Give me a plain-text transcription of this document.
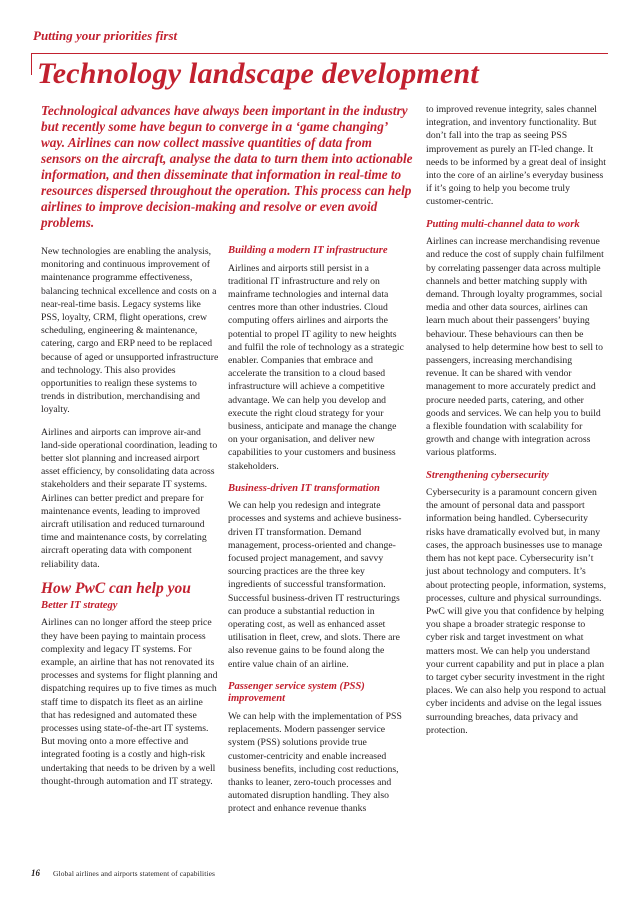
Putting your priorities first
Technology landscape development

Technological advances have always been important in the industry but recently some have begun to converge in a ‘game changing’ way. Airlines can now collect massive quantities of data from sensors on the aircraft, analyse the data to turn them into actionable information, and then disseminate that information in real-time to resources dispersed throughout the operation. This process can help airlines to improve decision-making and resolve or even avoid problems.

New technologies are enabling the analysis, monitoring and continuous improvement of maintenance programme effectiveness, balancing technical excellence and costs on a near-real-time basis. Legacy systems like PSS, loyalty, CRM, flight operations, crew scheduling, engineering & maintenance, catering, cargo and ERP need to be replaced because of aged or unsupported infrastructure and technology. This also provides opportunities to realign these systems to trends in distribution, merchandising and loyalty.

Airlines and airports can improve air-and land-side operational coordination, leading to better slot planning and increased airport asset efficiency, by consolidating data across stakeholders and their separate IT systems. Airlines can better predict and prepare for maintenance events, leading to improved aircraft utilisation and reduced turnaround time and maintenance costs, by correlating aircraft operating data with component reliability data.

How PwC can help you
Better IT strategy

Airlines can no longer afford the steep price they have been paying to maintain process complexity and legacy IT systems. For example, an airline that has not renovated its processes and systems for flight planning and dispatching requires up to five times as much staff time to dispatch its fleet as an airline that has redesigned and automated these processes using state-of-the-art IT systems. But moving onto a more effective and integrated footing is a costly and high-risk undertaking that needs to be driven by a well thought-through automation and IT strategy.

Building a modern IT infrastructure

Airlines and airports still persist in a traditional IT infrastructure and rely on mainframe technologies and internal data centres more than other industries. Cloud computing offers airlines and airports the potential to propel IT agility to new heights and fulfil the role of technology as a strategic enabler. Companies that embrace and accelerate the transition to a cloud based infrastructure will achieve a competitive advantage. We can help you develop and execute the right cloud strategy for your business, anticipate and manage the change on your organisation, and deliver new capabilities to your customers and business stakeholders.

Business-driven IT transformation

We can help you redesign and integrate processes and systems and achieve business-driven IT transformation. Demand management, process-oriented and change-focused project management, and savvy sourcing practices are the three key ingredients of successful transformation. Successful business-driven IT restructurings can produce a substantial reduction in operating cost, as well as enhanced asset utilisation in fleet, crew, and slots. There are also revenue gains to be found along the entire value chain of an airline.

Passenger service system (PSS) improvement

We can help with the implementation of PSS replacements. Modern passenger service system (PSS) solutions provide true customer-centricity and enable increased business benefits, including cost reductions, thanks to leaner, zero-touch processes and automated disruption handling. They also protect and enhance revenue thanks

to improved revenue integrity, sales channel integration, and inventory functionality. But don’t fall into the trap as seeing PSS improvement as purely an IT-led change. It needs to be informed by a great deal of insight into the core of an airline’s everyday business if it’s going to help you become truly customer-centric.

Putting multi-channel data to work

Airlines can increase merchandising revenue and reduce the cost of supply chain fulfilment by correlating passenger data across multiple channels and better matching supply with demand. Through loyalty programmes, social media and other data sources, airlines can learn much about their passengers’ buying behaviour. These behaviours can then be analysed to help determine how best to sell to passengers, increasing merchandising revenue. It can be shared with vendor management to more accurately predict and procure needed parts, catering, and other goods and services. We can help you to build a flexible foundation with scalability for growth and change with integration across various platforms.

Strengthening cybersecurity

Cybersecurity is a paramount concern given the amount of personal data and passport information being handled. Cybersecurity risks have dramatically evolved but, in many cases, the approach businesses use to manage them has not kept pace. Cybersecurity isn’t just about technology and computers. It’s about protecting people, information, systems, processes, culture and physical surroundings. PwC will give you that confidence by helping you shape a broader strategic response to cyber risk and target investment on what matters most. We can help you understand your current capability and put in place a plan to target cyber security investment in the right places. We can also help you respond to actual cyber incidents and advise on the legal issues surrounding breaches, data privacy and protection.

16 Global airlines and airports statement of capabilities
